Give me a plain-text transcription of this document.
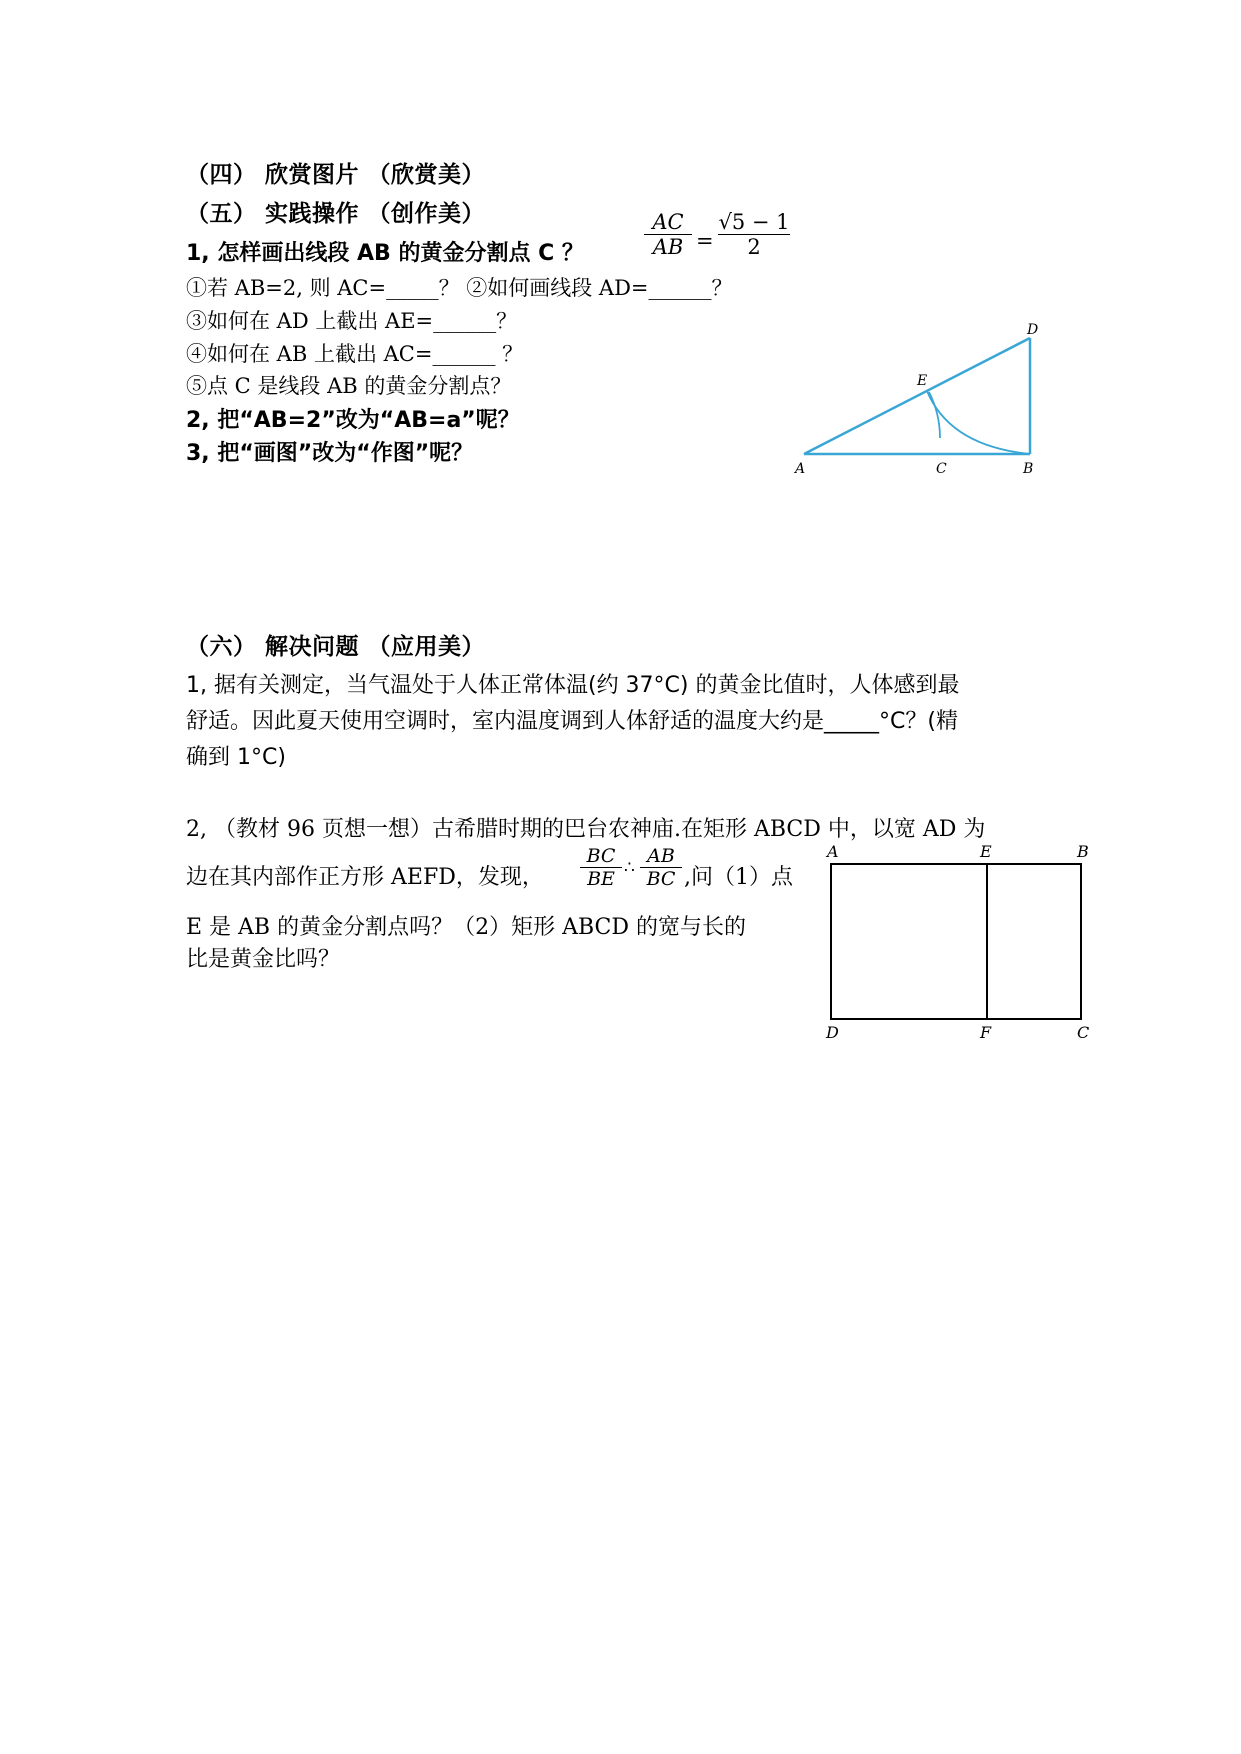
（四） 欣赏图片 （欣赏美）
（五） 实践操作 （创作美）
1, 怎样画出线段 AB 的黄金分割点 C ？
AC
AB =
√5 − 1
2
①若 AB=2, 则 AC=_____？ ②如何画线段 AD=______？
③如何在 AD 上截出 AE=______？
④如何在 AB 上截出 AC=______ ？
⑤点 C 是线段 AB 的黄金分割点？
2, 把“AB=2”改为“AB=a”呢？
3, 把“画图”改为“作图”呢？
A	B
C
D
E
（六） 解决问题 （应用美）
1, 据有关测定，当气温处于人体正常体温(约 37°C) 的黄金比值时，人体感到最
舒适。因此夏天使用空调时，室内温度调到人体舒适的温度大约是_____°C？(精
确到 1°C)
2, （教材 96 页想一想）古希腊时期的巴台农神庙.在矩形 ABCD 中，以宽 AD 为
边在其内部作正方形 AEFD，发现，
BC
BE ∴
AB
BC ,问（1）点
E 是 AB 的黄金分割点吗？（2）矩形 ABCD 的宽与长的
比是黄金比吗？
A	E	B
D	F	C
